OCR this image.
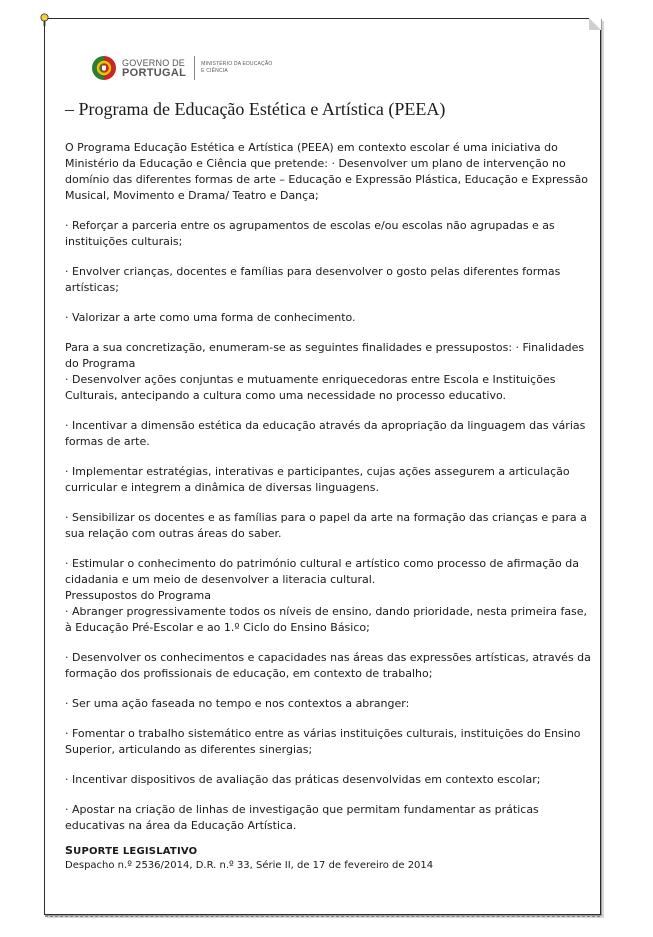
GOVERNO DE
PORTUGAL
MINISTÉRIO DA EDUCAÇÃO
E CIÊNCIA
– Programa de Educação Estética e Artística (PEEA)

O Programa Educação Estética e Artística (PEEA) em contexto escolar é uma iniciativa do Ministério da Educação e Ciência que pretende: · Desenvolver um plano de intervenção no domínio das diferentes formas de arte – Educação e Expressão Plástica, Educação e Expressão Musical, Movimento e Drama/ Teatro e Dança;

· Reforçar a parceria entre os agrupamentos de escolas e/ou escolas não agrupadas e as instituições culturais;

· Envolver crianças, docentes e famílias para desenvolver o gosto pelas diferentes formas artísticas;

· Valorizar a arte como uma forma de conhecimento.

Para a sua concretização, enumeram-se as seguintes finalidades e pressupostos: · Finalidades do Programa
· Desenvolver ações conjuntas e mutuamente enriquecedoras entre Escola e Instituições Culturais, antecipando a cultura como uma necessidade no processo educativo.

· Incentivar a dimensão estética da educação através da apropriação da linguagem das várias formas de arte.

· Implementar estratégias, interativas e participantes, cujas ações assegurem a articulação curricular e integrem a dinâmica de diversas linguagens.

· Sensibilizar os docentes e as famílias para o papel da arte na formação das crianças e para a sua relação com outras áreas do saber.

· Estimular o conhecimento do património cultural e artístico como processo de afirmação da cidadania e um meio de desenvolver a literacia cultural.
Pressupostos do Programa
· Abranger progressivamente todos os níveis de ensino, dando prioridade, nesta primeira fase, à Educação Pré-Escolar e ao 1.º Ciclo do Ensino Básico;

· Desenvolver os conhecimentos e capacidades nas áreas das expressões artísticas, através da formação dos profissionais de educação, em contexto de trabalho;

· Ser uma ação faseada no tempo e nos contextos a abranger:

· Fomentar o trabalho sistemático entre as várias instituições culturais, instituições do Ensino Superior, articulando as diferentes sinergias;

· Incentivar dispositivos de avaliação das práticas desenvolvidas em contexto escolar;

· Apostar na criação de linhas de investigação que permitam fundamentar as práticas educativas na área da Educação Artística.

SUPORTE LEGISLATIVO
Despacho n.º 2536/2014, D.R. n.º 33, Série II, de 17 de fevereiro de 2014
